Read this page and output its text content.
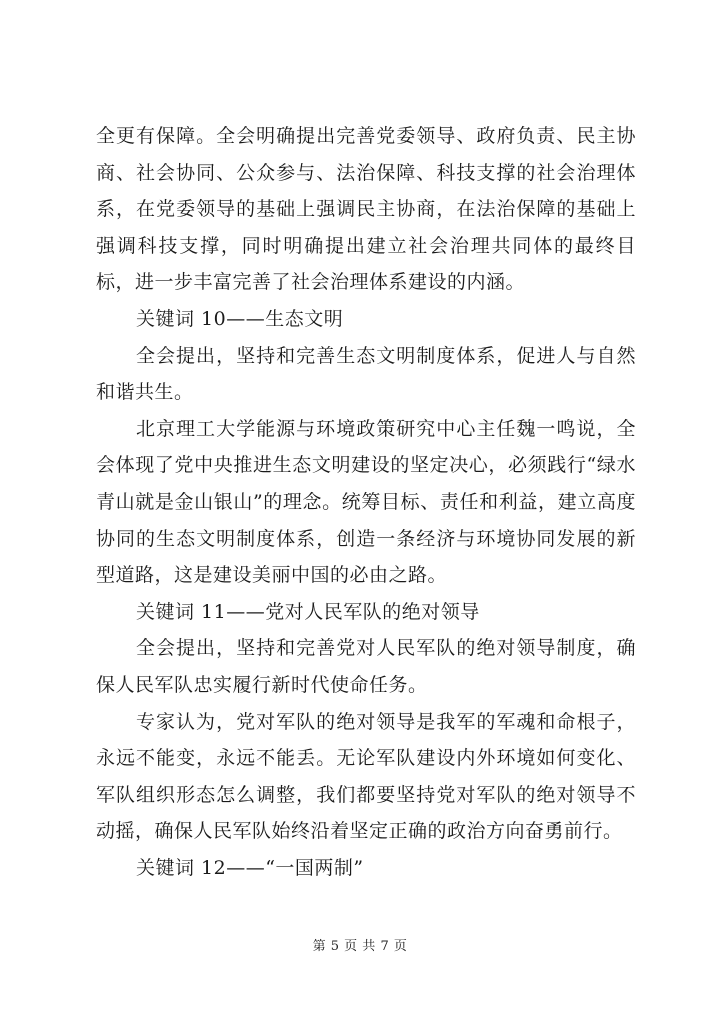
全更有保障。全会明确提出完善党委领导、政府负责、民主协商、社会协同、公众参与、法治保障、科技支撑的社会治理体系，在党委领导的基础上强调民主协商，在法治保障的基础上强调科技支撑，同时明确提出建立社会治理共同体的最终目标，进一步丰富完善了社会治理体系建设的内涵。

关键词 10——生态文明

全会提出，坚持和完善生态文明制度体系，促进人与自然和谐共生。

北京理工大学能源与环境政策研究中心主任魏一鸣说，全会体现了党中央推进生态文明建设的坚定决心，必须践行“绿水青山就是金山银山”的理念。统筹目标、责任和利益，建立高度协同的生态文明制度体系，创造一条经济与环境协同发展的新型道路，这是建设美丽中国的必由之路。

关键词 11——党对人民军队的绝对领导

全会提出，坚持和完善党对人民军队的绝对领导制度，确保人民军队忠实履行新时代使命任务。

专家认为，党对军队的绝对领导是我军的军魂和命根子，永远不能变，永远不能丢。无论军队建设内外环境如何变化、军队组织形态怎么调整，我们都要坚持党对军队的绝对领导不动摇，确保人民军队始终沿着坚定正确的政治方向奋勇前行。

关键词 12——“一国两制”

第 5 页 共 7 页
